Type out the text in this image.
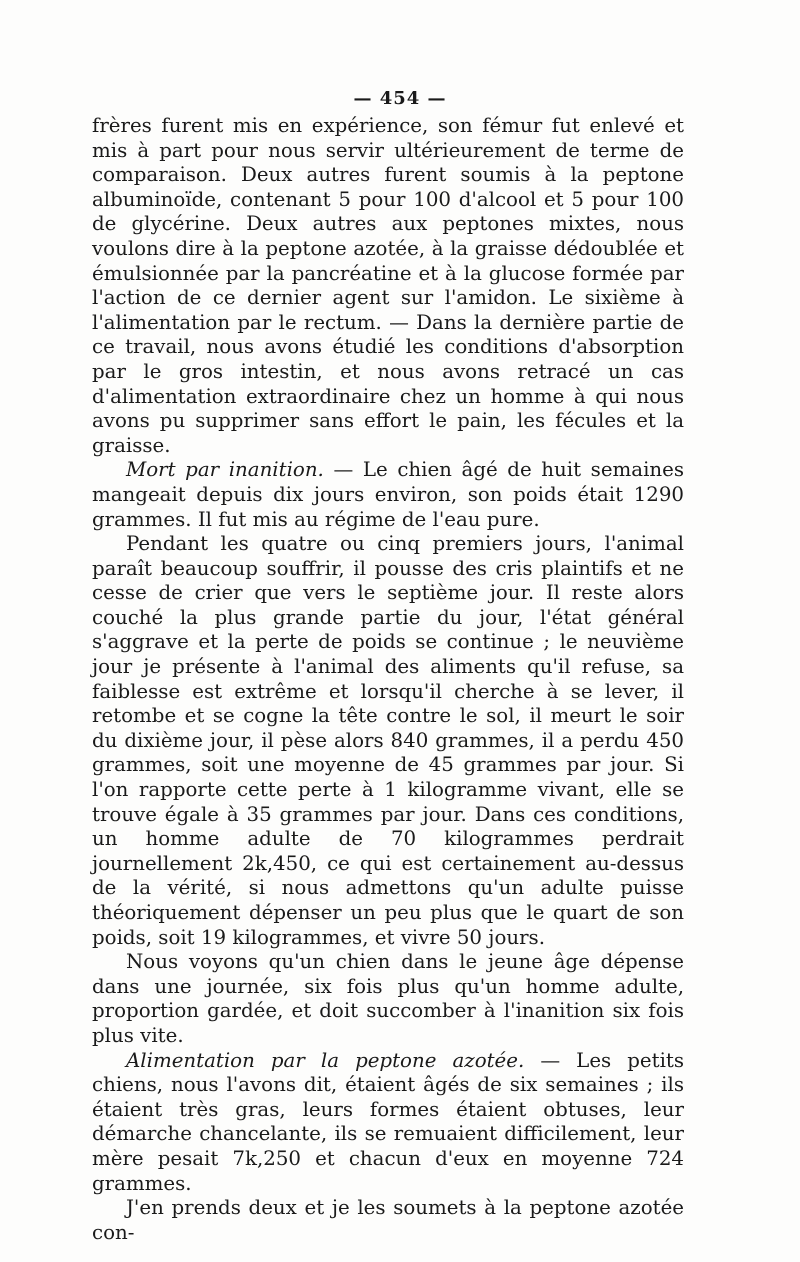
— 454 —

frères furent mis en expérience, son fémur fut enlevé et mis à part pour nous servir ultérieurement de terme de comparaison. Deux autres furent soumis à la peptone albuminoïde, contenant 5 pour 100 d'alcool et 5 pour 100 de glycérine. Deux autres aux peptones mixtes, nous voulons dire à la peptone azotée, à la graisse dédoublée et émulsionnée par la pancréatine et à la glucose formée par l'action de ce dernier agent sur l'amidon. Le sixième à l'alimentation par le rectum. — Dans la dernière partie de ce travail, nous avons étudié les conditions d'absorption par le gros intestin, et nous avons retracé un cas d'alimentation extraordinaire chez un homme à qui nous avons pu supprimer sans effort le pain, les fécules et la graisse.

Mort par inanition. — Le chien âgé de huit semaines mangeait depuis dix jours environ, son poids était 1290 grammes. Il fut mis au régime de l'eau pure.

Pendant les quatre ou cinq premiers jours, l'animal paraît beaucoup souffrir, il pousse des cris plaintifs et ne cesse de crier que vers le septième jour. Il reste alors couché la plus grande partie du jour, l'état général s'aggrave et la perte de poids se continue ; le neuvième jour je présente à l'animal des aliments qu'il refuse, sa faiblesse est extrême et lorsqu'il cherche à se lever, il retombe et se cogne la tête contre le sol, il meurt le soir du dixième jour, il pèse alors 840 grammes, il a perdu 450 grammes, soit une moyenne de 45 grammes par jour. Si l'on rapporte cette perte à 1 kilogramme vivant, elle se trouve égale à 35 grammes par jour. Dans ces conditions, un homme adulte de 70 kilogrammes perdrait journellement 2k,450, ce qui est certainement au-dessus de la vérité, si nous admettons qu'un adulte puisse théoriquement dépenser un peu plus que le quart de son poids, soit 19 kilogrammes, et vivre 50 jours.

Nous voyons qu'un chien dans le jeune âge dépense dans une journée, six fois plus qu'un homme adulte, proportion gardée, et doit succomber à l'inanition six fois plus vite.

Alimentation par la peptone azotée. — Les petits chiens, nous l'avons dit, étaient âgés de six semaines ; ils étaient très gras, leurs formes étaient obtuses, leur démarche chancelante, ils se remuaient difficilement, leur mère pesait 7k,250 et chacun d'eux en moyenne 724 grammes.

J'en prends deux et je les soumets à la peptone azotée con-
